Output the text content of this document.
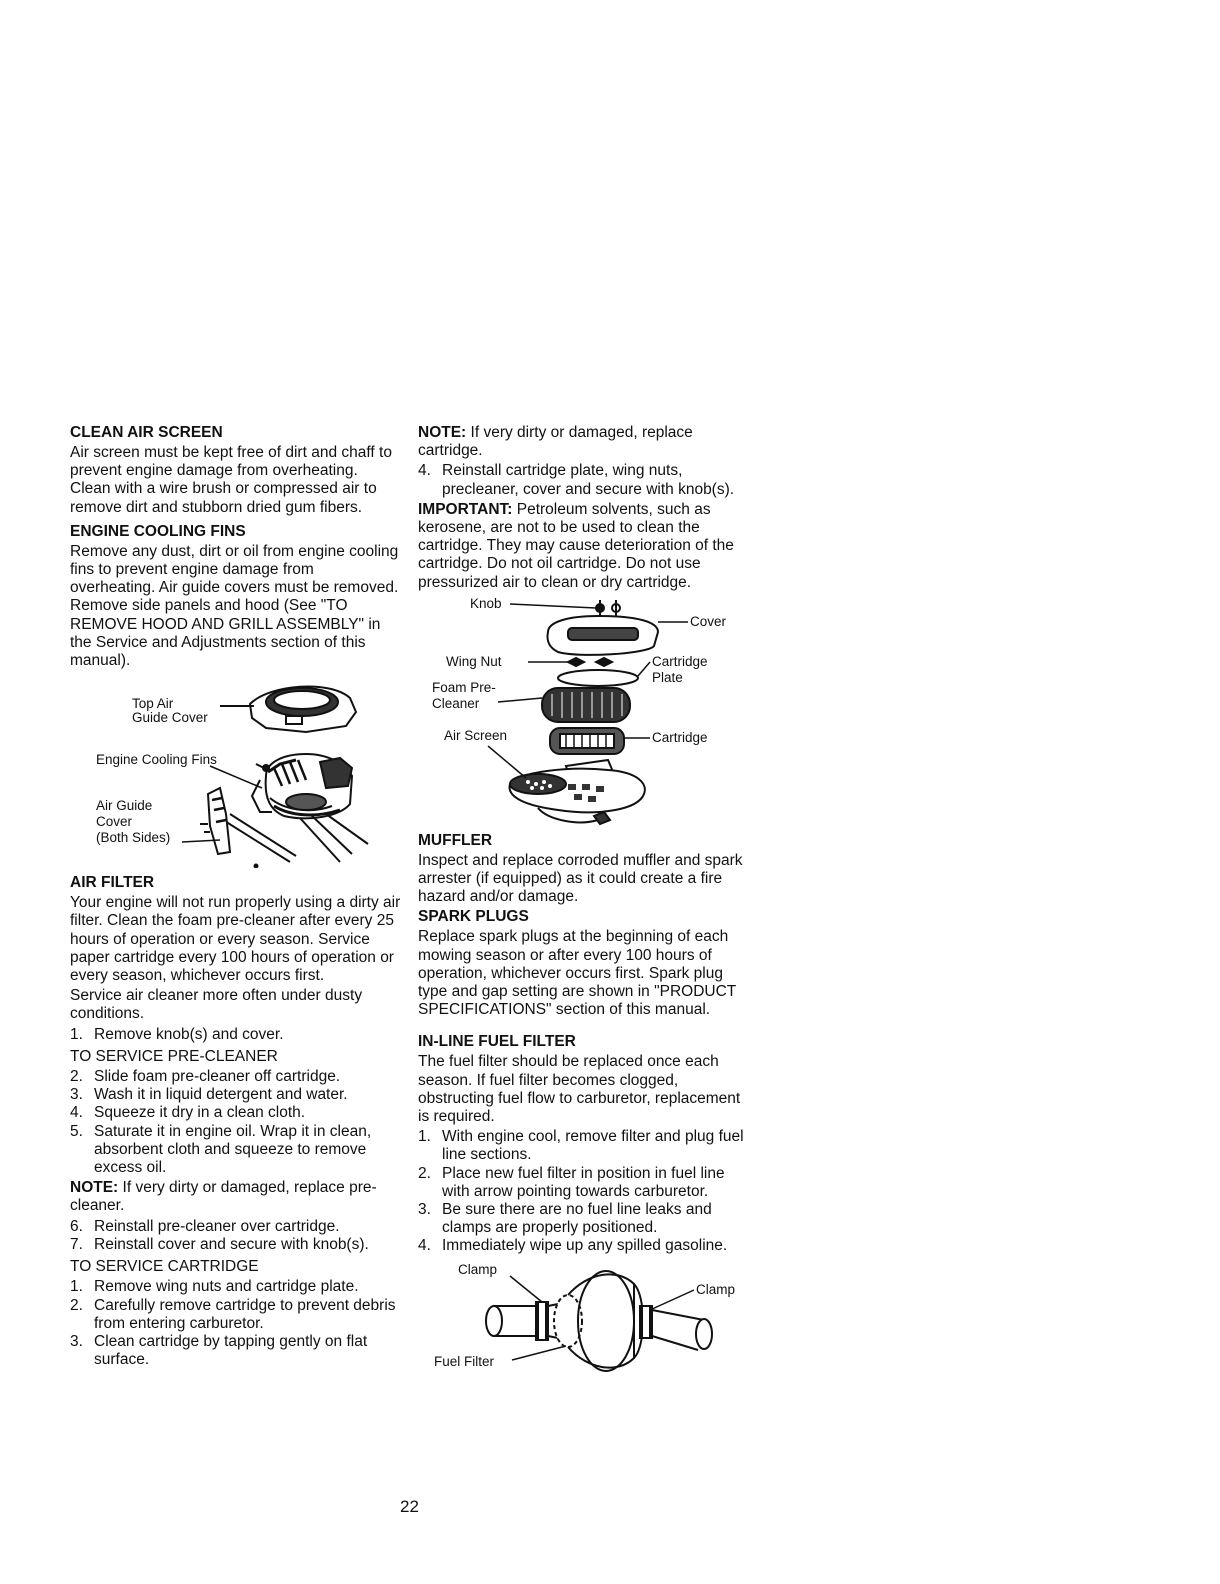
CLEAN AIR SCREEN

Air screen must be kept free of dirt and chaff to prevent engine damage from overheating. Clean with a wire brush or compressed air to remove dirt and stubborn dried gum fibers.

ENGINE COOLING FINS

Remove any dust, dirt or oil from engine cooling fins to prevent engine damage from overheating. Air guide covers must be removed. Remove side panels and hood (See "TO REMOVE HOOD AND GRILL ASSEMBLY" in the Service and Adjustments section of this manual).

Top Air
Guide Cover
Engine Cooling Fins
Air Guide
Cover
(Both Sides)
AIR FILTER

Your engine will not run properly using a dirty air filter. Clean the foam pre-cleaner after every 25 hours of operation or every season. Service paper cartridge every 100 hours of operation or every season, whichever occurs first.

Service air cleaner more often under dusty conditions.

1. Remove knob(s) and cover.

TO SERVICE PRE-CLEANER

2. Slide foam pre-cleaner off cartridge.
3. Wash it in liquid detergent and water.
4. Squeeze it dry in a clean cloth.
5. Saturate it in engine oil. Wrap it in clean, absorbent cloth and squeeze to remove excess oil.

NOTE: If very dirty or damaged, replace pre-cleaner.

6. Reinstall pre-cleaner over cartridge.
7. Reinstall cover and secure with knob(s).

TO SERVICE CARTRIDGE

1. Remove wing nuts and cartridge plate.
2. Carefully remove cartridge to prevent debris from entering carburetor.
3. Clean cartridge by tapping gently on flat surface.

NOTE: If very dirty or damaged, replace cartridge.

4. Reinstall cartridge plate, wing nuts, precleaner, cover and secure with knob(s).

IMPORTANT: Petroleum solvents, such as kerosene, are not to be used to clean the cartridge. They may cause deterioration of the cartridge. Do not oil cartridge. Do not use pressurized air to clean or dry cartridge.

Knob
Cover
Wing Nut	Cartridge
Plate
Foam Pre-
Cleaner
Air Screen	Cartridge
MUFFLER

Inspect and replace corroded muffler and spark arrester (if equipped) as it could create a fire hazard and/or damage.

SPARK PLUGS

Replace spark plugs at the beginning of each mowing season or after every 100 hours of operation, whichever occurs first. Spark plug type and gap setting are shown in "PRODUCT SPECIFICATIONS" section of this manual.

IN-LINE FUEL FILTER

The fuel filter should be replaced once each season. If fuel filter becomes clogged, obstructing fuel flow to carburetor, replacement is required.

1. With engine cool, remove filter and plug fuel line sections.
2. Place new fuel filter in position in fuel line with arrow pointing towards carburetor.
3. Be sure there are no fuel line leaks and clamps are properly positioned.
4. Immediately wipe up any spilled gasoline.
Clamp
Clamp
Fuel Filter
22
